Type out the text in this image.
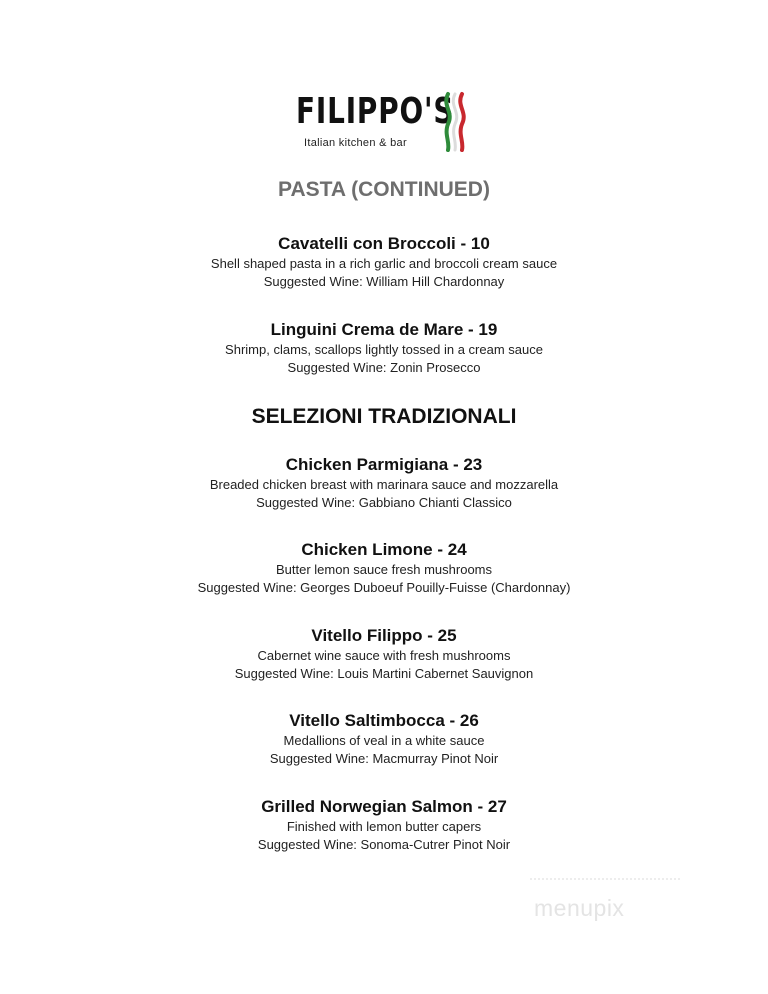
FILIPPO'S
Italian kitchen & bar
PASTA (CONTINUED)
Cavatelli con Broccoli - 10
Shell shaped pasta in a rich garlic and broccoli cream sauce
Suggested Wine: William Hill Chardonnay
Linguini Crema de Mare - 19
Shrimp, clams, scallops lightly tossed in a cream sauce
Suggested Wine: Zonin Prosecco
SELEZIONI TRADIZIONALI
Chicken Parmigiana - 23
Breaded chicken breast with marinara sauce and mozzarella
Suggested Wine: Gabbiano Chianti Classico
Chicken Limone - 24
Butter lemon sauce fresh mushrooms
Suggested Wine: Georges Duboeuf Pouilly-Fuisse (Chardonnay)
Vitello Filippo - 25
Cabernet wine sauce with fresh mushrooms
Suggested Wine: Louis Martini Cabernet Sauvignon
Vitello Saltimbocca - 26
Medallions of veal in a white sauce
Suggested Wine: Macmurray Pinot Noir
Grilled Norwegian Salmon - 27
Finished with lemon butter capers
Suggested Wine: Sonoma-Cutrer Pinot Noir
menupix
